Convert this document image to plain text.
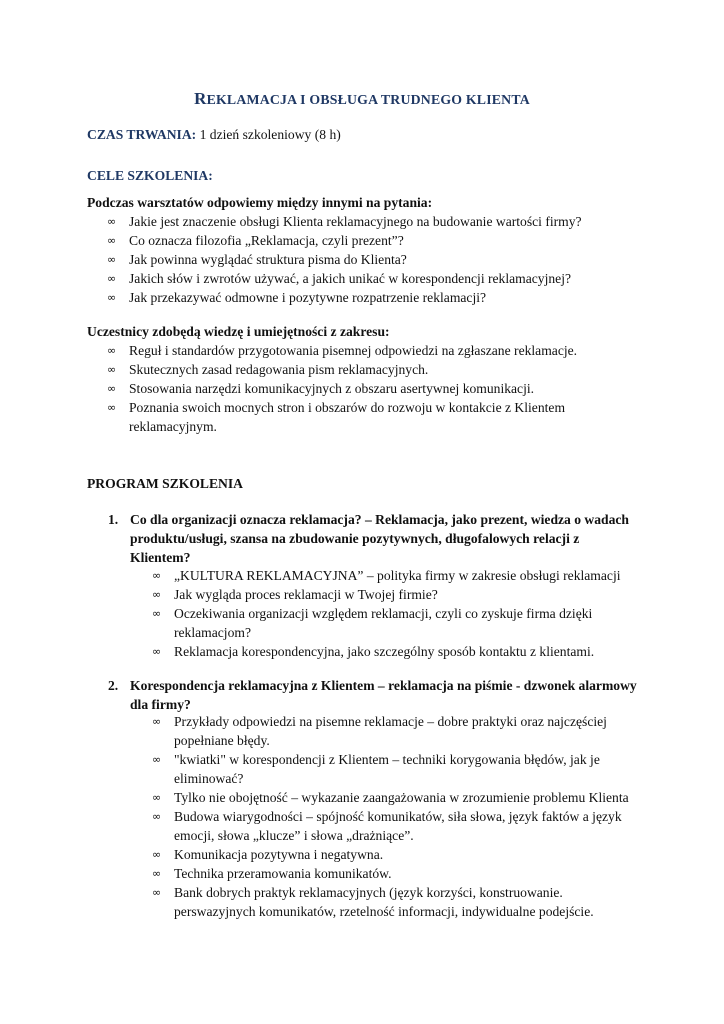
REKLAMACJA I OBSŁUGA TRUDNEGO KLIENTA
CZAS TRWANIA: 1 dzień szkoleniowy (8 h)
CELE SZKOLENIA:
Podczas warsztatów odpowiemy między innymi na pytania:
∞ Jakie jest znaczenie obsługi Klienta reklamacyjnego na budowanie wartości firmy?
∞ Co oznacza filozofia „Reklamacja, czyli prezent”?
∞ Jak powinna wyglądać struktura pisma do Klienta?
∞ Jakich słów i zwrotów używać, a jakich unikać w korespondencji reklamacyjnej?
∞ Jak przekazywać odmowne i pozytywne rozpatrzenie reklamacji?
Uczestnicy zdobędą wiedzę i umiejętności z zakresu:
∞ Reguł i standardów przygotowania pisemnej odpowiedzi na zgłaszane reklamacje.
∞ Skutecznych zasad redagowania pism reklamacyjnych.
∞ Stosowania narzędzi komunikacyjnych z obszaru asertywnej komunikacji.
∞ Poznania swoich mocnych stron i obszarów do rozwoju w kontakcie z Klientem reklamacyjnym.
PROGRAM SZKOLENIA
1. Co dla organizacji oznacza reklamacja? – Reklamacja, jako prezent, wiedza o wadach produktu/usługi, szansa na zbudowanie pozytywnych, długofalowych relacji z Klientem?
∞ „KULTURA REKLAMACYJNA” – polityka firmy w zakresie obsługi reklamacji
∞ Jak wygląda proces reklamacji w Twojej firmie?
∞ Oczekiwania organizacji względem reklamacji, czyli co zyskuje firma dzięki reklamacjom?
∞ Reklamacja korespondencyjna, jako szczególny sposób kontaktu z klientami.
2. Korespondencja reklamacyjna z Klientem – reklamacja na piśmie - dzwonek alarmowy dla firmy?
∞ Przykłady odpowiedzi na pisemne reklamacje – dobre praktyki oraz najczęściej popełniane błędy.
∞ "kwiatki" w korespondencji z Klientem – techniki korygowania błędów, jak je eliminować?
∞ Tylko nie obojętność – wykazanie zaangażowania w zrozumienie problemu Klienta
∞ Budowa wiarygodności – spójność komunikatów, siła słowa, język faktów a język emocji, słowa „klucze” i słowa „drażniące”.
∞ Komunikacja pozytywna i negatywna.
∞ Technika przeramowania komunikatów.
∞ Bank dobrych praktyk reklamacyjnych (język korzyści, konstruowanie. perswazyjnych komunikatów, rzetelność informacji, indywidualne podejście.
